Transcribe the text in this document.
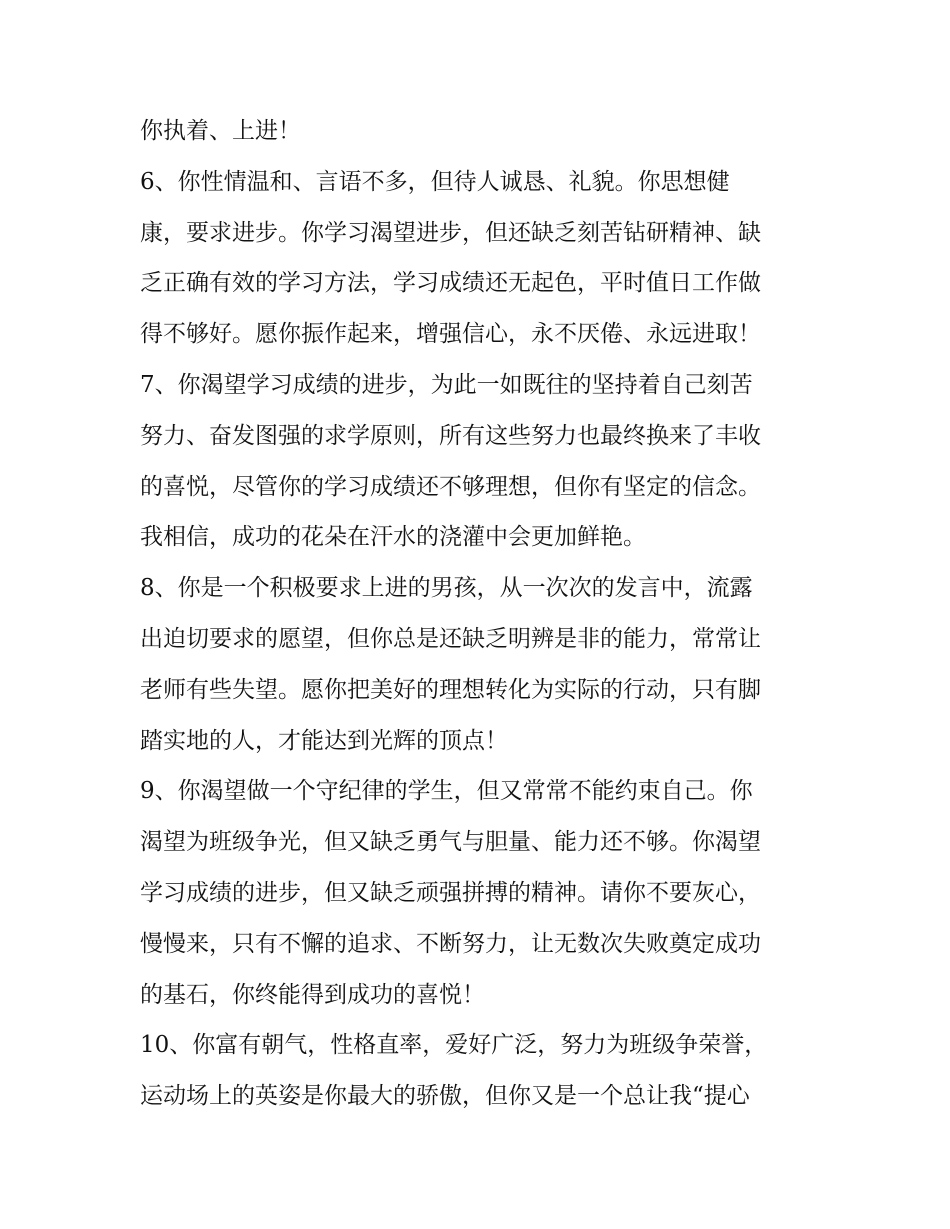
你执着、上进！
6、你性情温和、言语不多，但待人诚恳、礼貌。你思想健
康，要求进步。你学习渴望进步，但还缺乏刻苦钻研精神、缺
乏正确有效的学习方法，学习成绩还无起色，平时值日工作做
得不够好。愿你振作起来，增强信心，永不厌倦、永远进取！
7、你渴望学习成绩的进步，为此一如既往的坚持着自己刻苦
努力、奋发图强的求学原则，所有这些努力也最终换来了丰收
的喜悦，尽管你的学习成绩还不够理想，但你有坚定的信念。
我相信，成功的花朵在汗水的浇灌中会更加鲜艳。
8、你是一个积极要求上进的男孩，从一次次的发言中，流露
出迫切要求的愿望，但你总是还缺乏明辨是非的能力，常常让
老师有些失望。愿你把美好的理想转化为实际的行动，只有脚
踏实地的人，才能达到光辉的顶点！
9、你渴望做一个守纪律的学生，但又常常不能约束自己。你
渴望为班级争光，但又缺乏勇气与胆量、能力还不够。你渴望
学习成绩的进步，但又缺乏顽强拼搏的精神。请你不要灰心，
慢慢来，只有不懈的追求、不断努力，让无数次失败奠定成功
的基石，你终能得到成功的喜悦！
10、你富有朝气，性格直率，爱好广泛，努力为班级争荣誉，
运动场上的英姿是你最大的骄傲，但你又是一个总让我“提心
